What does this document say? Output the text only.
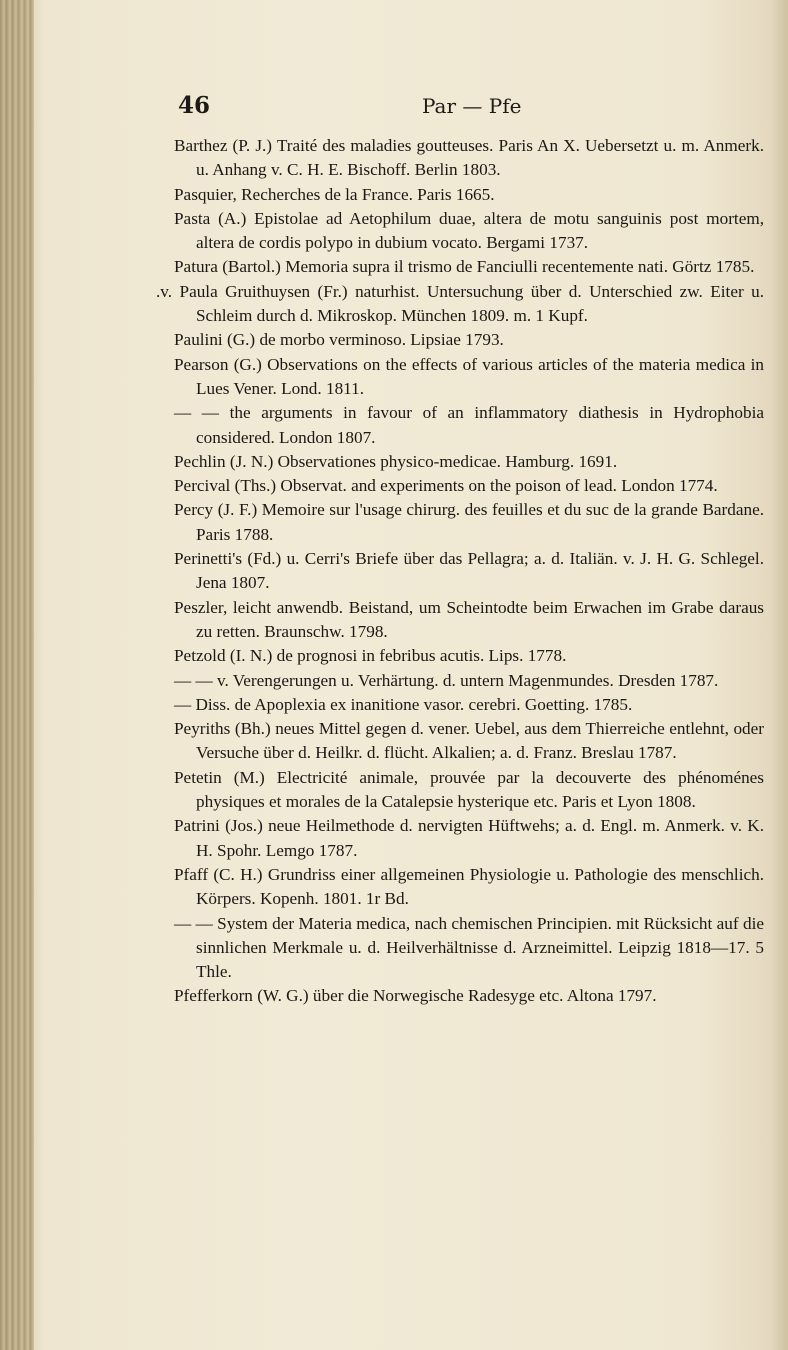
46	Par — Pfe

Barthez (P. J.) Traité des maladies goutteuses. Paris An X. Uebersetzt u. m. Anmerk. u. Anhang v. C. H. E. Bischoff. Berlin 1803.

Pasquier, Recherches de la France. Paris 1665.

Pasta (A.) Epistolae ad Aetophilum duae, altera de motu sanguinis post mortem, altera de cordis polypo in dubium vocato. Bergami 1737.

Patura (Bartol.) Memoria supra il trismo de Fanciulli recentemente nati. Görtz 1785.

.v. Paula Gruithuysen (Fr.) naturhist. Untersuchung über d. Unterschied zw. Eiter u. Schleim durch d. Mikroskop. München 1809. m. 1 Kupf.

Paulini (G.) de morbo verminoso. Lipsiae 1793.

Pearson (G.) Observations on the effects of various articles of the materia medica in Lues Vener. Lond. 1811.

— — the arguments in favour of an inflammatory diathesis in Hydrophobia considered. London 1807.

Pechlin (J. N.) Observationes physico-medicae. Hamburg. 1691.

Percival (Ths.) Observat. and experiments on the poison of lead. London 1774.

Percy (J. F.) Memoire sur l'usage chirurg. des feuilles et du suc de la grande Bardane. Paris 1788.

Perinetti's (Fd.) u. Cerri's Briefe über das Pellagra; a. d. Italiän. v. J. H. G. Schlegel. Jena 1807.

Peszler, leicht anwendb. Beistand, um Scheintodte beim Erwachen im Grabe daraus zu retten. Braunschw. 1798.

Petzold (I. N.) de prognosi in febribus acutis. Lips. 1778.

— — v. Verengerungen u. Verhärtung. d. untern Magenmundes. Dresden 1787.

— Diss. de Apoplexia ex inanitione vasor. cerebri. Goetting. 1785.

Peyriths (Bh.) neues Mittel gegen d. vener. Uebel, aus dem Thierreiche entlehnt, oder Versuche über d. Heilkr. d. flücht. Alkalien; a. d. Franz. Breslau 1787.

Petetin (M.) Electricité animale, prouvée par la decouverte des phénoménes physiques et morales de la Catalepsie hysterique etc. Paris et Lyon 1808.

Patrini (Jos.) neue Heilmethode d. nervigten Hüftwehs; a. d. Engl. m. Anmerk. v. K. H. Spohr. Lemgo 1787.

Pfaff (C. H.) Grundriss einer allgemeinen Physiologie u. Pathologie des menschlich. Körpers. Kopenh. 1801. 1r Bd.

— — System der Materia medica, nach chemischen Principien. mit Rücksicht auf die sinnlichen Merkmale u. d. Heilverhältnisse d. Arzneimittel. Leipzig 1818—17. 5 Thle.

Pfefferkorn (W. G.) über die Norwegische Radesyge etc. Altona 1797.
